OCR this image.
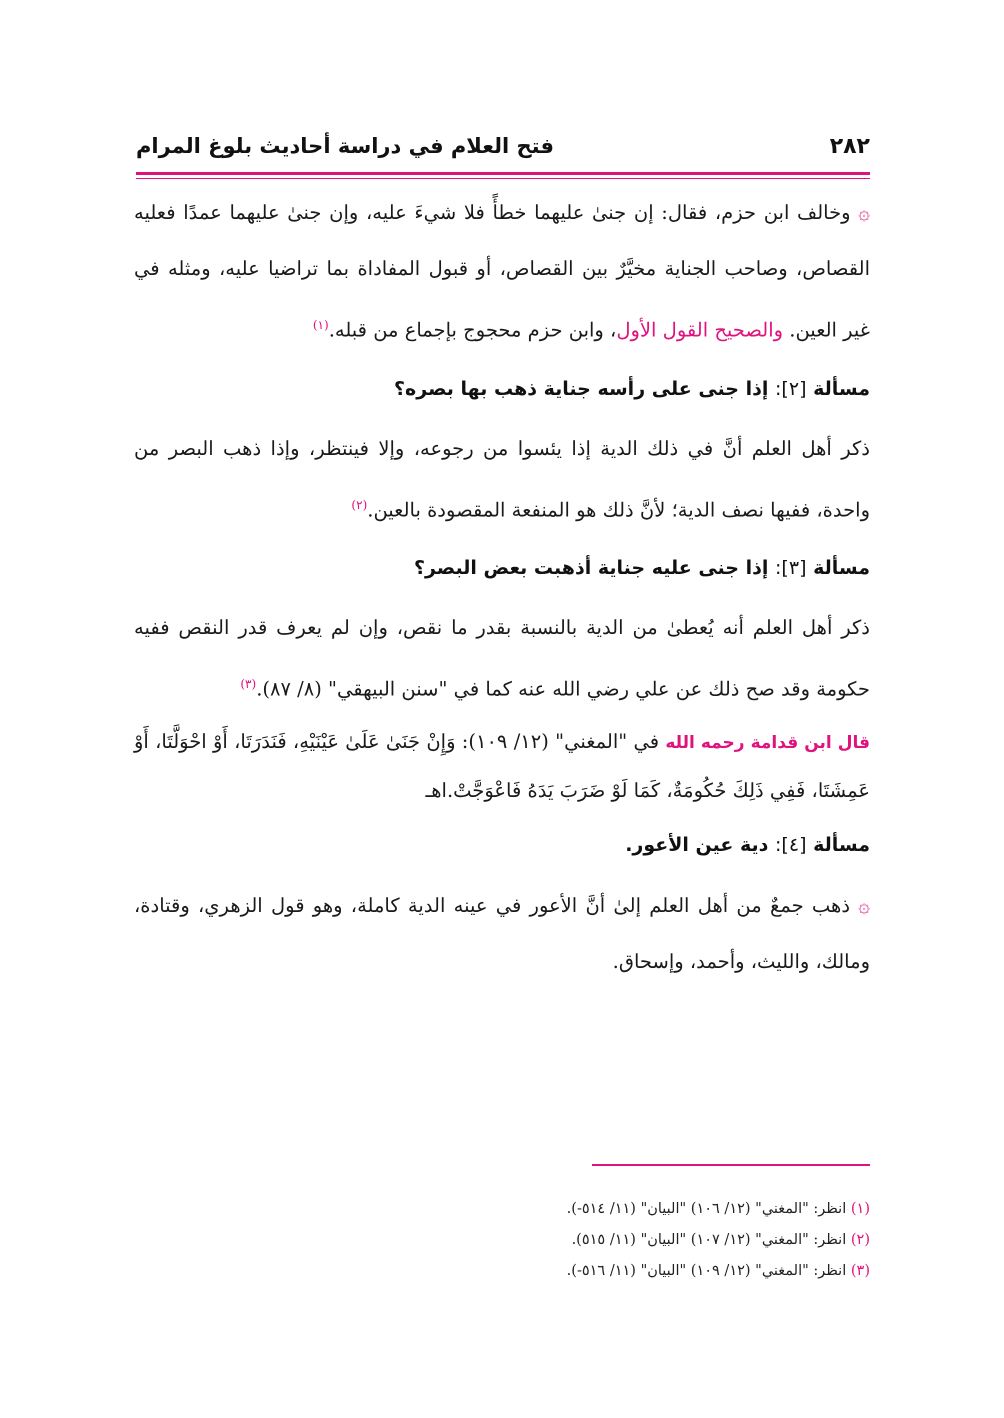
٢٨٢
فتح العلام في دراسة أحاديث بلوغ المرام

۞ وخالف ابن حزم، فقال: إن جنىٰ عليهما خطأً فلا شيءَ عليه، وإن جنىٰ عليهما عمدًا فعليه القصاص، وصاحب الجناية مخيَّرٌ بين القصاص، أو قبول المفاداة بما تراضيا عليه، ومثله في غير العين. والصحيح القول الأول، وابن حزم محجوج بإجماع من قبله.$^{(١)}$

مسألة [٢]: إذا جنى على رأسه جناية ذهب بها بصره؟

ذكر أهل العلم أنَّ في ذلك الدية إذا يئسوا من رجوعه، وإلا فينتظر، وإذا ذهب البصر من واحدة، ففيها نصف الدية؛ لأنَّ ذلك هو المنفعة المقصودة بالعين.$^{(٢)}$

مسألة [٣]: إذا جنى عليه جناية أذهبت بعض البصر؟

ذكر أهل العلم أنه يُعطىٰ من الدية بالنسبة بقدر ما نقص، وإن لم يعرف قدر النقص ففيه حكومة وقد صح ذلك عن علي رضي الله عنه كما في "سنن البيهقي" (٨/ ٨٧).$^{(٣)}$

قال ابن قدامة رحمه الله في "المغني" (١٢/ ١٠٩): وَإِنْ جَنَىٰ عَلَىٰ عَيْنَيْهِ، فَنَدَرَتَا، أَوْ احْوَلَّتَا، أَوْ عَمِشَتَا، فَفِي ذَلِكَ حُكُومَةٌ، كَمَا لَوْ ضَرَبَ يَدَهُ فَاعْوَجَّتْ.اهـ

مسألة [٤]: دية عين الأعور.

۞ ذهب جمعٌ من أهل العلم إلىٰ أنَّ الأعور في عينه الدية كاملة، وهو قول الزهري، وقتادة، ومالك، والليث، وأحمد، وإسحاق.

(١) انظر: "المغني" (١٢/ ١٠٦) "البيان" (١١/ ٥١٤-).
(٢) انظر: "المغني" (١٢/ ١٠٧) "البيان" (١١/ ٥١٥).
(٣) انظر: "المغني" (١٢/ ١٠٩) "البيان" (١١/ ٥١٦-).
